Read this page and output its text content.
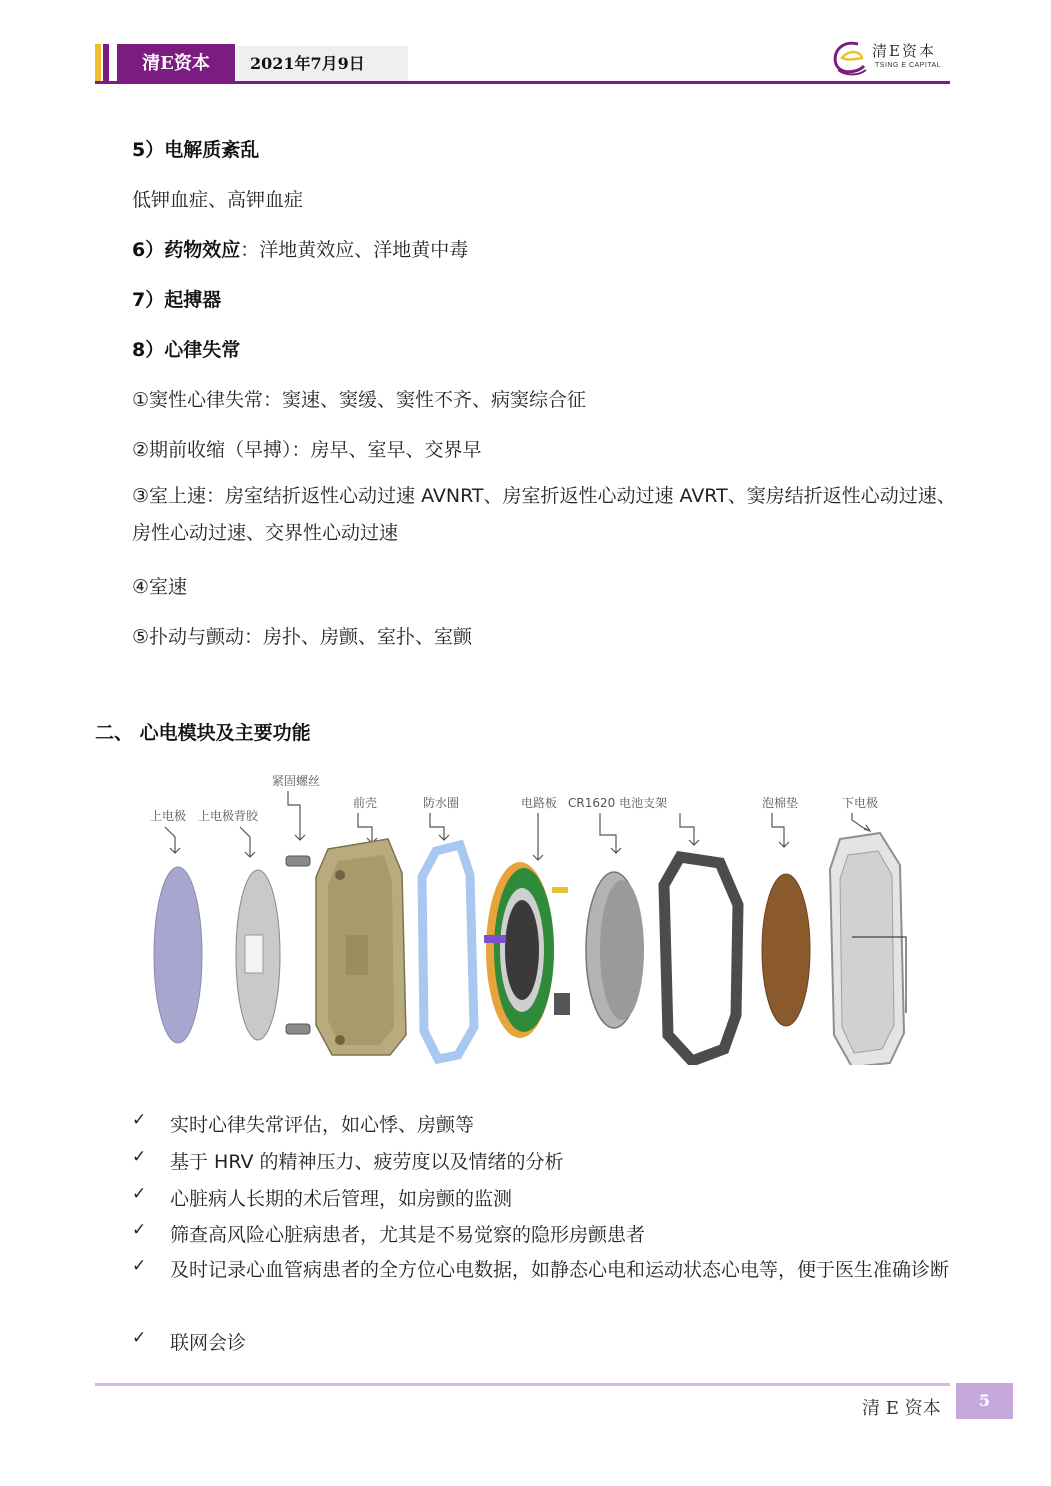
清E资本	2021年7月9日
清E资本
TSING E CAPITAL
5）电解质紊乱
低钾血症、高钾血症
6）药物效应：洋地黄效应、洋地黄中毒
7）起搏器
8）心律失常
①窦性心律失常：窦速、窦缓、窦性不齐、病窦综合征
②期前收缩（早搏）：房早、室早、交界早
③室上速：房室结折返性心动过速 AVNRT、房室折返性心动过速 AVRT、窦房结折返性心动过速、房性心动过速、交界性心动过速
④室速
⑤扑动与颤动：房扑、房颤、室扑、室颤
二、 心电模块及主要功能
上电极 上电极背胶
紧固螺丝
前壳	防水圈	电路板 CR1620 电池支架	泡棉垫	下电极
✓ 实时心律失常评估，如心悸、房颤等
✓ 基于 HRV 的精神压力、疲劳度以及情绪的分析
✓ 心脏病人长期的术后管理，如房颤的监测
✓ 筛查高风险心脏病患者，尤其是不易觉察的隐形房颤患者
✓ 及时记录心血管病患者的全方位心电数据，如静态心电和运动状态心电等，便于医生准确诊断
✓ 联网会诊
清 E 资本	5
